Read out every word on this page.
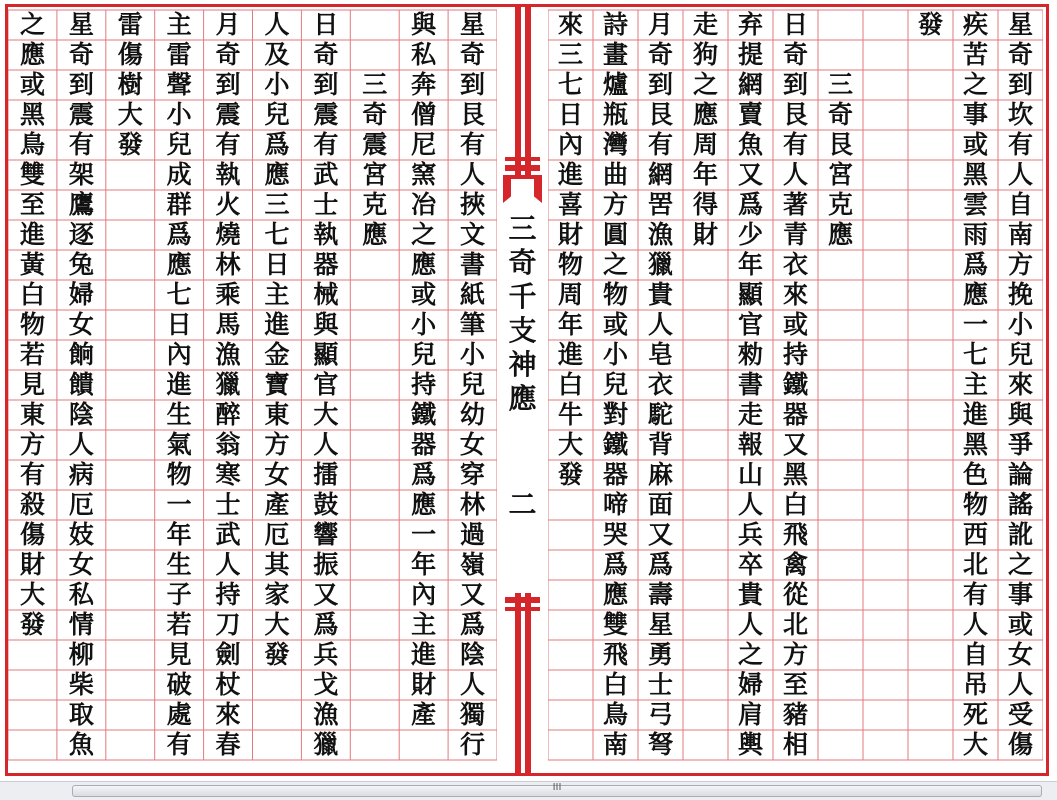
之
應
或
黑
鳥
雙
至
進
黃
白
物
若
見
東
方
有
殺
傷
財
大
發
星
奇
到
震
有
架
鷹
逐
兔
婦
女
餉
饋
陰
人
病
厄
妓
女
私
情
柳
柴
取
魚
雷
傷
樹
大
發
主
雷
聲
小
兒
成
群
爲
應
七
日
內
進
生
氣
物
一
年
生
子
若
見
破
處
有
月
奇
到
震
有
執
火
燒
林
乘
馬
漁
獵
醉
翁
寒
士
武
人
持
刀
劍
杖
來
春
人
及
小
兒
爲
應
三
七
日
主
進
金
寶
東
方
女
產
厄
其
家
大
發
日
奇
到
震
有
武
士
執
器
械
與
顯
官
大
人
擂
鼓
響
振
又
爲
兵
戈
漁
獵
三
奇
震
宮
克
應
與
私
奔
僧
尼
窯
冶
之
應
或
小
兒
持
鐵
器
爲
應
一
年
內
主
進
財
產
星
奇
到
艮
有
人
挾
文
書
紙
筆
小
兒
幼
女
穿
林
過
嶺
又
爲
陰
人
獨
行
三
奇
千
支
神
應
二
來
三
七
日
內
進
喜
財
物
周
年
進
白
牛
大
發
詩
畫
爐
瓶
灣
曲
方
圓
之
物
或
小
兒
對
鐵
器
啼
哭
爲
應
雙
飛
白
鳥
南
月
奇
到
艮
有
網
罟
漁
獵
貴
人
皂
衣
駝
背
麻
面
又
爲
壽
星
勇
士
弓
弩
走
狗
之
應
周
年
得
財
弃
提
網
賣
魚
又
爲
少
年
顯
官
勑
書
走
報
山
人
兵
卒
貴
人
之
婦
肩
輿
日
奇
到
艮
有
人
著
青
衣
來
或
持
鐵
器
又
黑
白
飛
禽
從
北
方
至
豬
相
三
奇
艮
宮
克
應
發 疾
苦
之
事
或
黑
雲
雨
爲
應
一
七
主
進
黑
色
物
西
北
有
人
自
吊
死
大
星
奇
到
坎
有
人
自
南
方
挽
小
兒
來
與
爭
論
謠
訛
之
事
或
女
人
受
傷
III
